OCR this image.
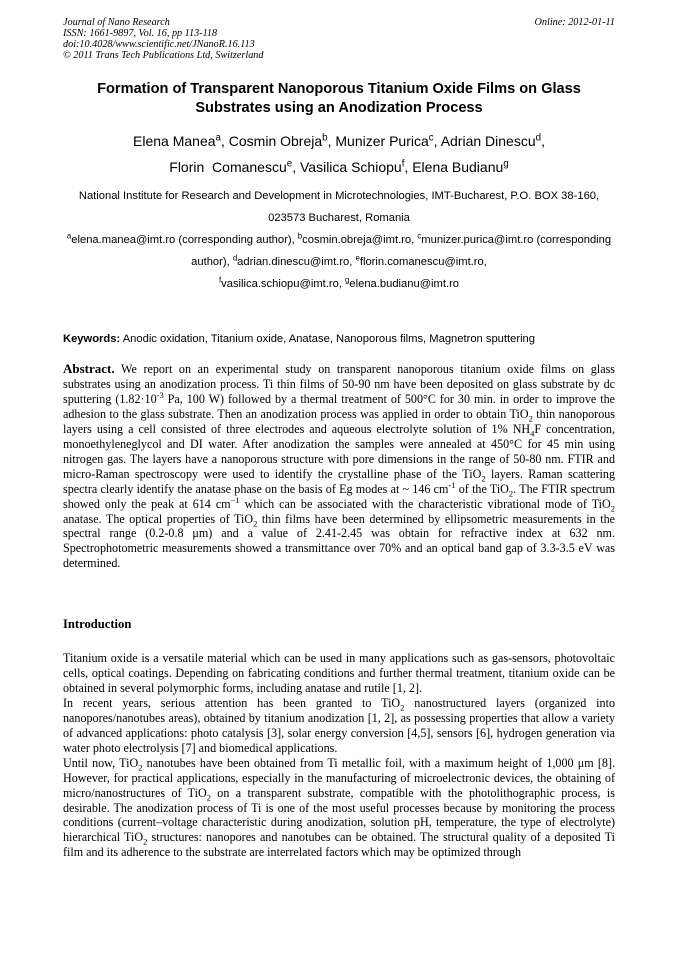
Journal of Nano Research
ISSN: 1661-9897, Vol. 16, pp 113-118
doi:10.4028/www.scientific.net/JNanoR.16.113
© 2011 Trans Tech Publications Ltd, Switzerland
Online: 2012-01-11
Formation of Transparent Nanoporous Titanium Oxide Films on Glass Substrates using an Anodization Process
Elena Manea$^a$, Cosmin Obreja$^b$, Munizer Purica$^c$, Adrian Dinescu$^d$,
Florin  Comanescu$^e$, Vasilica Schiopu$^f$, Elena Budianu$^g$
National Institute for Research and Development in Microtechnologies, IMT-Bucharest, P.O. BOX 38-160, 023573 Bucharest, Romania
$^a$elena.manea@imt.ro (corresponding author), $^b$cosmin.obreja@imt.ro, $^c$munizer.purica@imt.ro (corresponding author), $^d$adrian.dinescu@imt.ro, $^e$florin.comanescu@imt.ro,
$^f$vasilica.schiopu@imt.ro, $^g$elena.budianu@imt.ro
Keywords: Anodic oxidation, Titanium oxide, Anatase, Nanoporous films, Magnetron sputtering
Abstract. We report on an experimental study on transparent nanoporous titanium oxide films on glass substrates using an anodization process. Ti thin films of 50-90 nm have been deposited on glass substrate by dc sputtering ($1.82\cdot 10^{-3}$ Pa, 100 W) followed by a thermal treatment of 500°C for 30 min. in order to improve the adhesion to the glass substrate. Then an anodization process was applied in order to obtain TiO$_2$ thin nanoporous layers using a cell consisted of three electrodes and aqueous electrolyte solution of 1% $NH_4F$ concentration, monoethyleneglycol and DI water. After anodization the samples were annealed at 450°C for 45 min using nitrogen gas. The layers have a nanoporous structure with pore dimensions in the range of 50-80 nm. FTIR and micro-Raman spectroscopy were used to identify the crystalline phase of the TiO$_2$ layers. Raman scattering spectra clearly identify the anatase phase on the basis of Eg modes at ~ 146 $cm^{-1}$ of the TiO$_2$. The FTIR spectrum showed only the peak at 614 $cm^{-1}$ which can be associated with the characteristic vibrational mode of TiO$_2$ anatase. The optical properties of TiO$_2$ thin films have been determined by ellipsometric measurements in the spectral range (0.2-0.8 μm) and a value of 2.41-2.45 was obtain for refractive index at 632 nm. Spectrophotometric measurements showed a transmittance over 70% and an optical band gap of 3.3-3.5 eV was determined.
Introduction

Titanium oxide is a versatile material which can be used in many applications such as gas-sensors, photovoltaic cells, optical coatings. Depending on fabricating conditions and further thermal treatment, titanium oxide can be obtained in several polymorphic forms, including anatase and rutile [1, 2].

In recent years, serious attention has been granted to TiO$_2$ nanostructured layers (organized into nanopores/nanotubes areas), obtained by titanium anodization [1, 2], as possessing properties that allow a variety of advanced applications: photo catalysis [3], solar energy conversion [4,5], sensors [6], hydrogen generation via water photo electrolysis [7] and biomedical applications.

Until now, TiO$_2$ nanotubes have been obtained from Ti metallic foil, with a maximum height of 1,000 μm [8]. However, for practical applications, especially in the manufacturing of microelectronic devices, the obtaining of micro/nanostructures of TiO$_2$ on a transparent substrate, compatible with the photolithographic process, is desirable. The anodization process of Ti is one of the most useful processes because by monitoring the process conditions (current–voltage characteristic during anodization, solution pH, temperature, the type of electrolyte) hierarchical TiO$_2$ structures: nanopores and nanotubes can be obtained. The structural quality of a deposited Ti film and its adherence to the substrate are interrelated factors which may be optimized through
